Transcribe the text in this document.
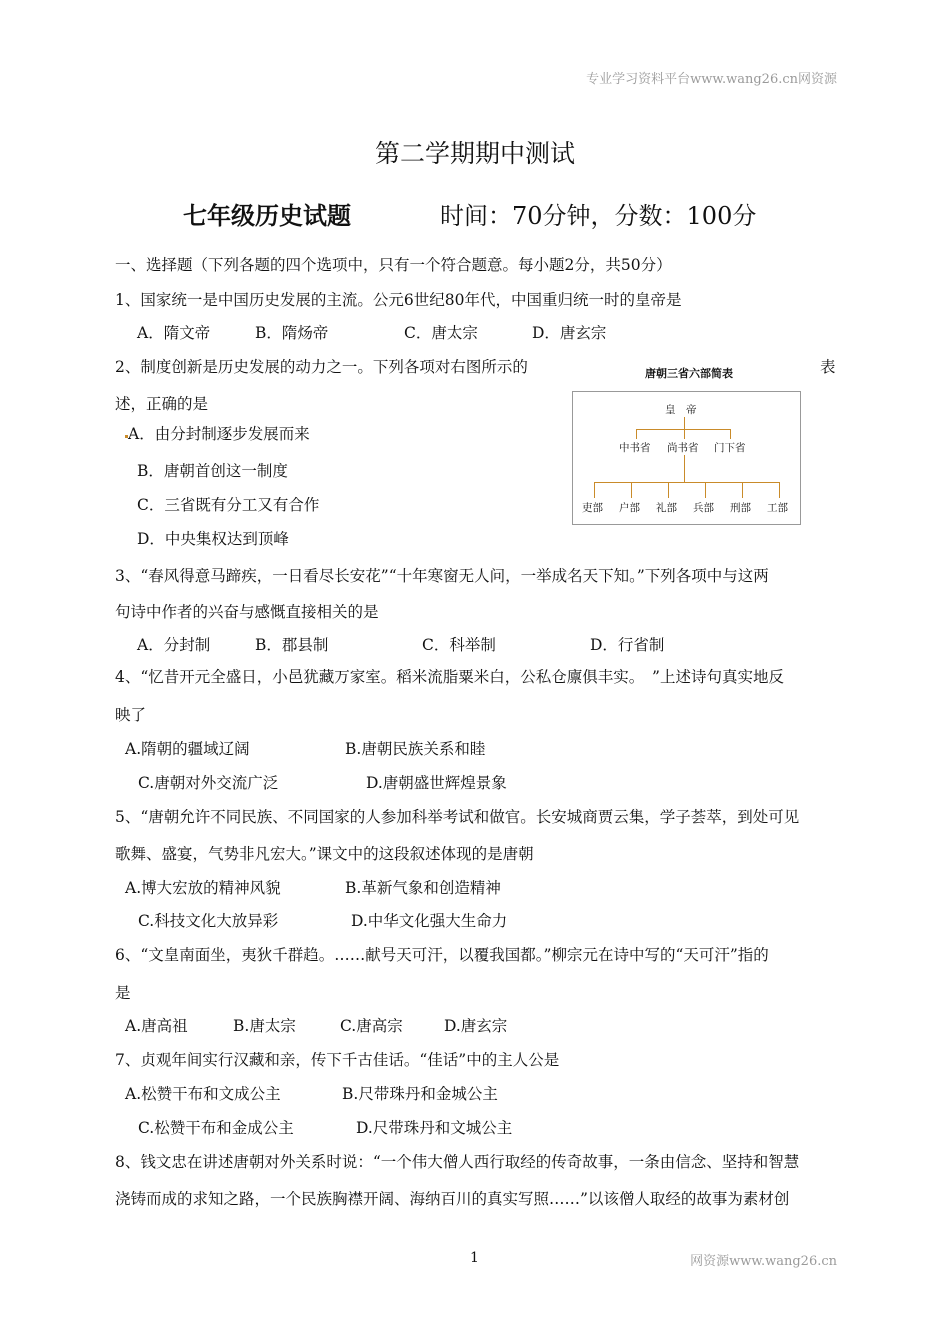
专业学习资料平台www.wang26.cn网资源
第二学期期中测试
七年级历史试题	时间：70分钟，分数：100分
一、选择题（下列各题的四个选项中，只有一个符合题意。每小题2分，共50分）
1、国家统一是中国历史发展的主流。公元6世纪80年代，中国重归统一时的皇帝是
A．隋文帝	B．隋炀帝	C．唐太宗	D．唐玄宗
2、制度创新是历史发展的动力之一。下列各项对右图所示的	表
述，正确的是
A．由分封制逐步发展而来
B．唐朝首创这一制度
C．三省既有分工又有合作
D．中央集权达到顶峰
唐朝三省六部简表
皇　帝
中书省 尚书省 门下省
吏部 户部 礼部 兵部 刑部 工部
3、“春风得意马蹄疾，一日看尽长安花”“十年寒窗无人问，一举成名天下知。”下列各项中与这两
句诗中作者的兴奋与感慨直接相关的是
A．分封制	B．郡县制	C．科举制	D．行省制
4、“忆昔开元全盛日，小邑犹藏万家室。稻米流脂粟米白，公私仓廪俱丰实。　”上述诗句真实地反
映了
A.隋朝的疆域辽阔	B.唐朝民族关系和睦
C.唐朝对外交流广泛	D.唐朝盛世辉煌景象
5、“唐朝允许不同民族、不同国家的人参加科举考试和做官。长安城商贾云集，学子荟萃，到处可见
歌舞、盛宴，气势非凡宏大。”课文中的这段叙述体现的是唐朝
A.博大宏放的精神风貌	B.革新气象和创造精神
C.科技文化大放异彩	D.中华文化强大生命力
6、“文皇南面坐，夷狄千群趋。……献号天可汗，以覆我国都。”柳宗元在诗中写的“天可汗”指的
是
A.唐高祖	B.唐太宗	C.唐高宗	D.唐玄宗
7、贞观年间实行汉藏和亲，传下千古佳话。“佳话”中的主人公是
A.松赞干布和文成公主	B.尺带珠丹和金城公主
C.松赞干布和金成公主	D.尺带珠丹和文城公主
8、钱文忠在讲述唐朝对外关系时说：“一个伟大僧人西行取经的传奇故事，一条由信念、坚持和智慧
浇铸而成的求知之路，一个民族胸襟开阔、海纳百川的真实写照……”以该僧人取经的故事为素材创
1	网资源www.wang26.cn
